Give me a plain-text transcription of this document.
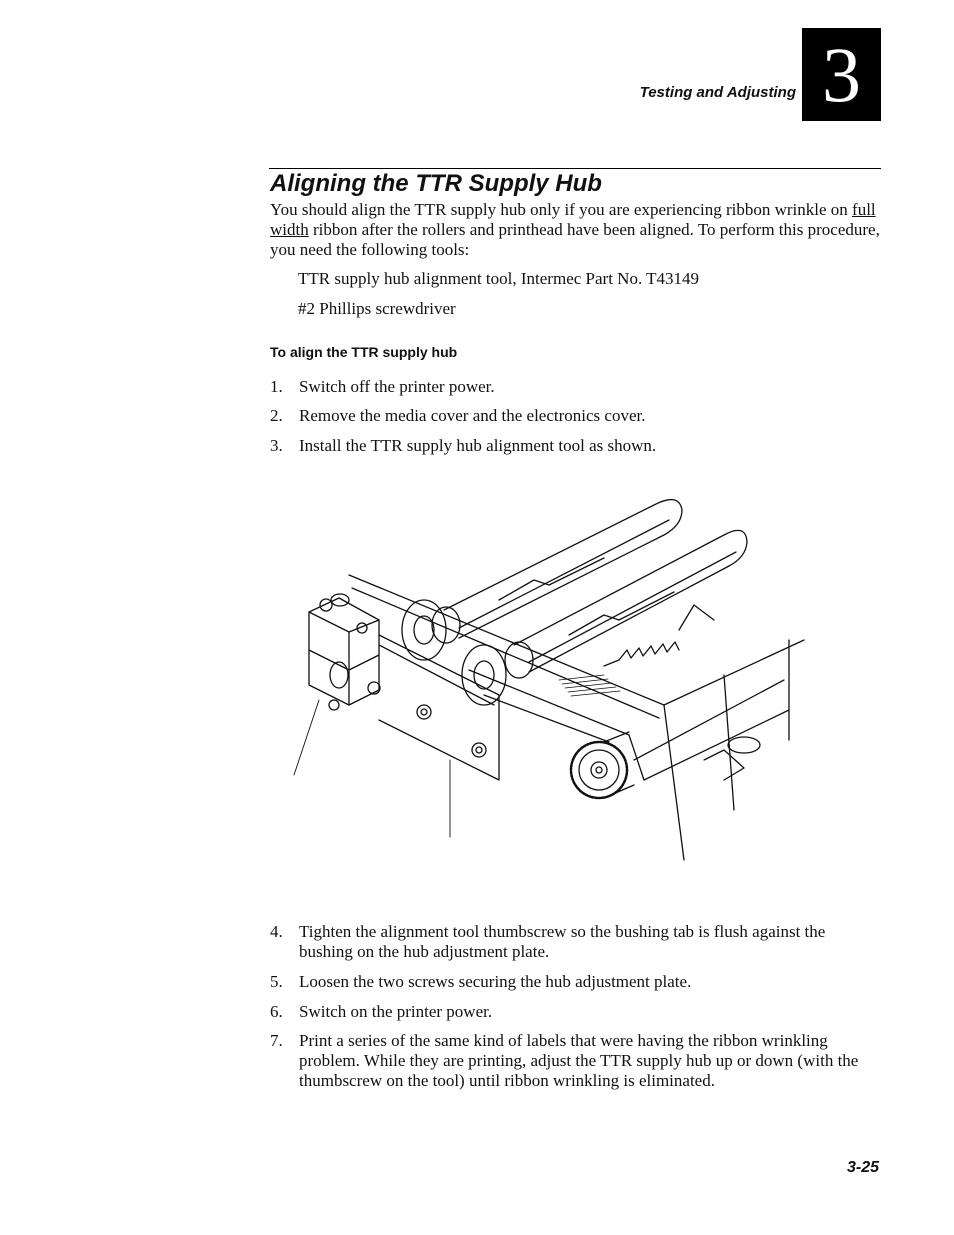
Testing and Adjusting 3
Aligning the TTR Supply Hub
You should align the TTR supply hub only if you are experiencing ribbon wrinkle on full width ribbon after the rollers and printhead have been aligned. To perform this procedure, you need the following tools:
TTR supply hub alignment tool, Intermec Part No. T43149
#2 Phillips screwdriver
To align the TTR supply hub
1. Switch off the printer power.
2. Remove the media cover and the electronics cover.
3. Install the TTR supply hub alignment tool as shown.
4. Tighten the alignment tool thumbscrew so the bushing tab is flush against the bushing on the hub adjustment plate.
5. Loosen the two screws securing the hub adjustment plate.
6. Switch on the printer power.
7. Print a series of the same kind of labels that were having the ribbon wrinkling problem. While they are printing, adjust the TTR supply hub up or down (with the thumbscrew on the tool) until ribbon wrinkling is eliminated.
3-25
